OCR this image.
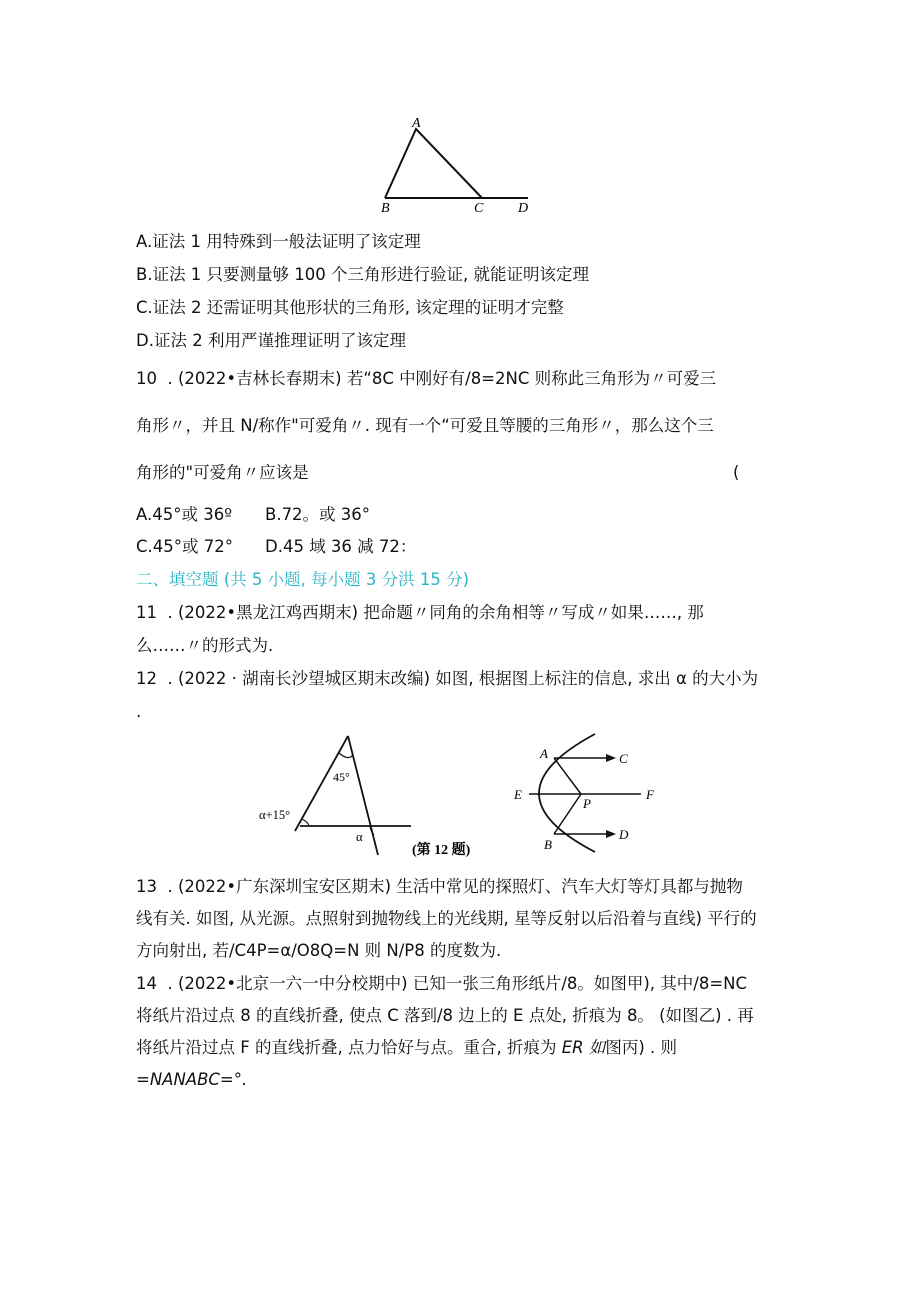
A
B	C D
A.证法 1 用特殊到一般法证明了该定理
B.证法 1 只要测量够 100 个三角形进行验证, 就能证明该定理
C.证法 2 还需证明其他形状的三角形, 该定理的证明才完整
D.证法 2 利用严谨推理证明了该定理
10  . (2022•吉林长春期末) 若“8C 中刚好有/8=2NC 则称此三角形为〃可爱三
角形〃，并且 N/称作"可爱角〃. 现有一个“可爱且等腰的三角形〃，那么这个三
角形的"可爱角〃应该是	(
A.45°或 36º B.72。或 36°
C.45°或 72° D.45 域 36 减 72：
二、填空题 (共 5 小题, 每小题 3 分洪 15 分)
11  . (2022•黑龙江鸡西期末) 把命题〃同角的余角相等〃写成〃如果……, 那
么……〃的形式为.
12  . (2022 · 湖南长沙望城区期末改编) 如图, 根据图上标注的信息, 求出 α 的大小为
.
45°
α+15°
α
(第 12 题)
A	C
E
P
F
B
D
13  . (2022•广东深圳宝安区期末) 生活中常见的探照灯、汽车大灯等灯具都与抛物
线有关. 如图, 从光源。点照射到抛物线上的光线期, 星等反射以后沿着与直线) 平行的
方向射出, 若/C4P=α/O8Q=N 则 N/P8 的度数为.
14  . (2022•北京一六一中分校期中) 已知一张三角形纸片/8。如图甲), 其中/8=NC
将纸片沿过点 8 的直线折叠, 使点 C 落到/8 边上的 E 点处, 折痕为 8。 (如图乙) . 再
将纸片沿过点 F 的直线折叠, 点力恰好与点。重合, 折痕为 ER 如图丙) . 则
=NANABC=°.
